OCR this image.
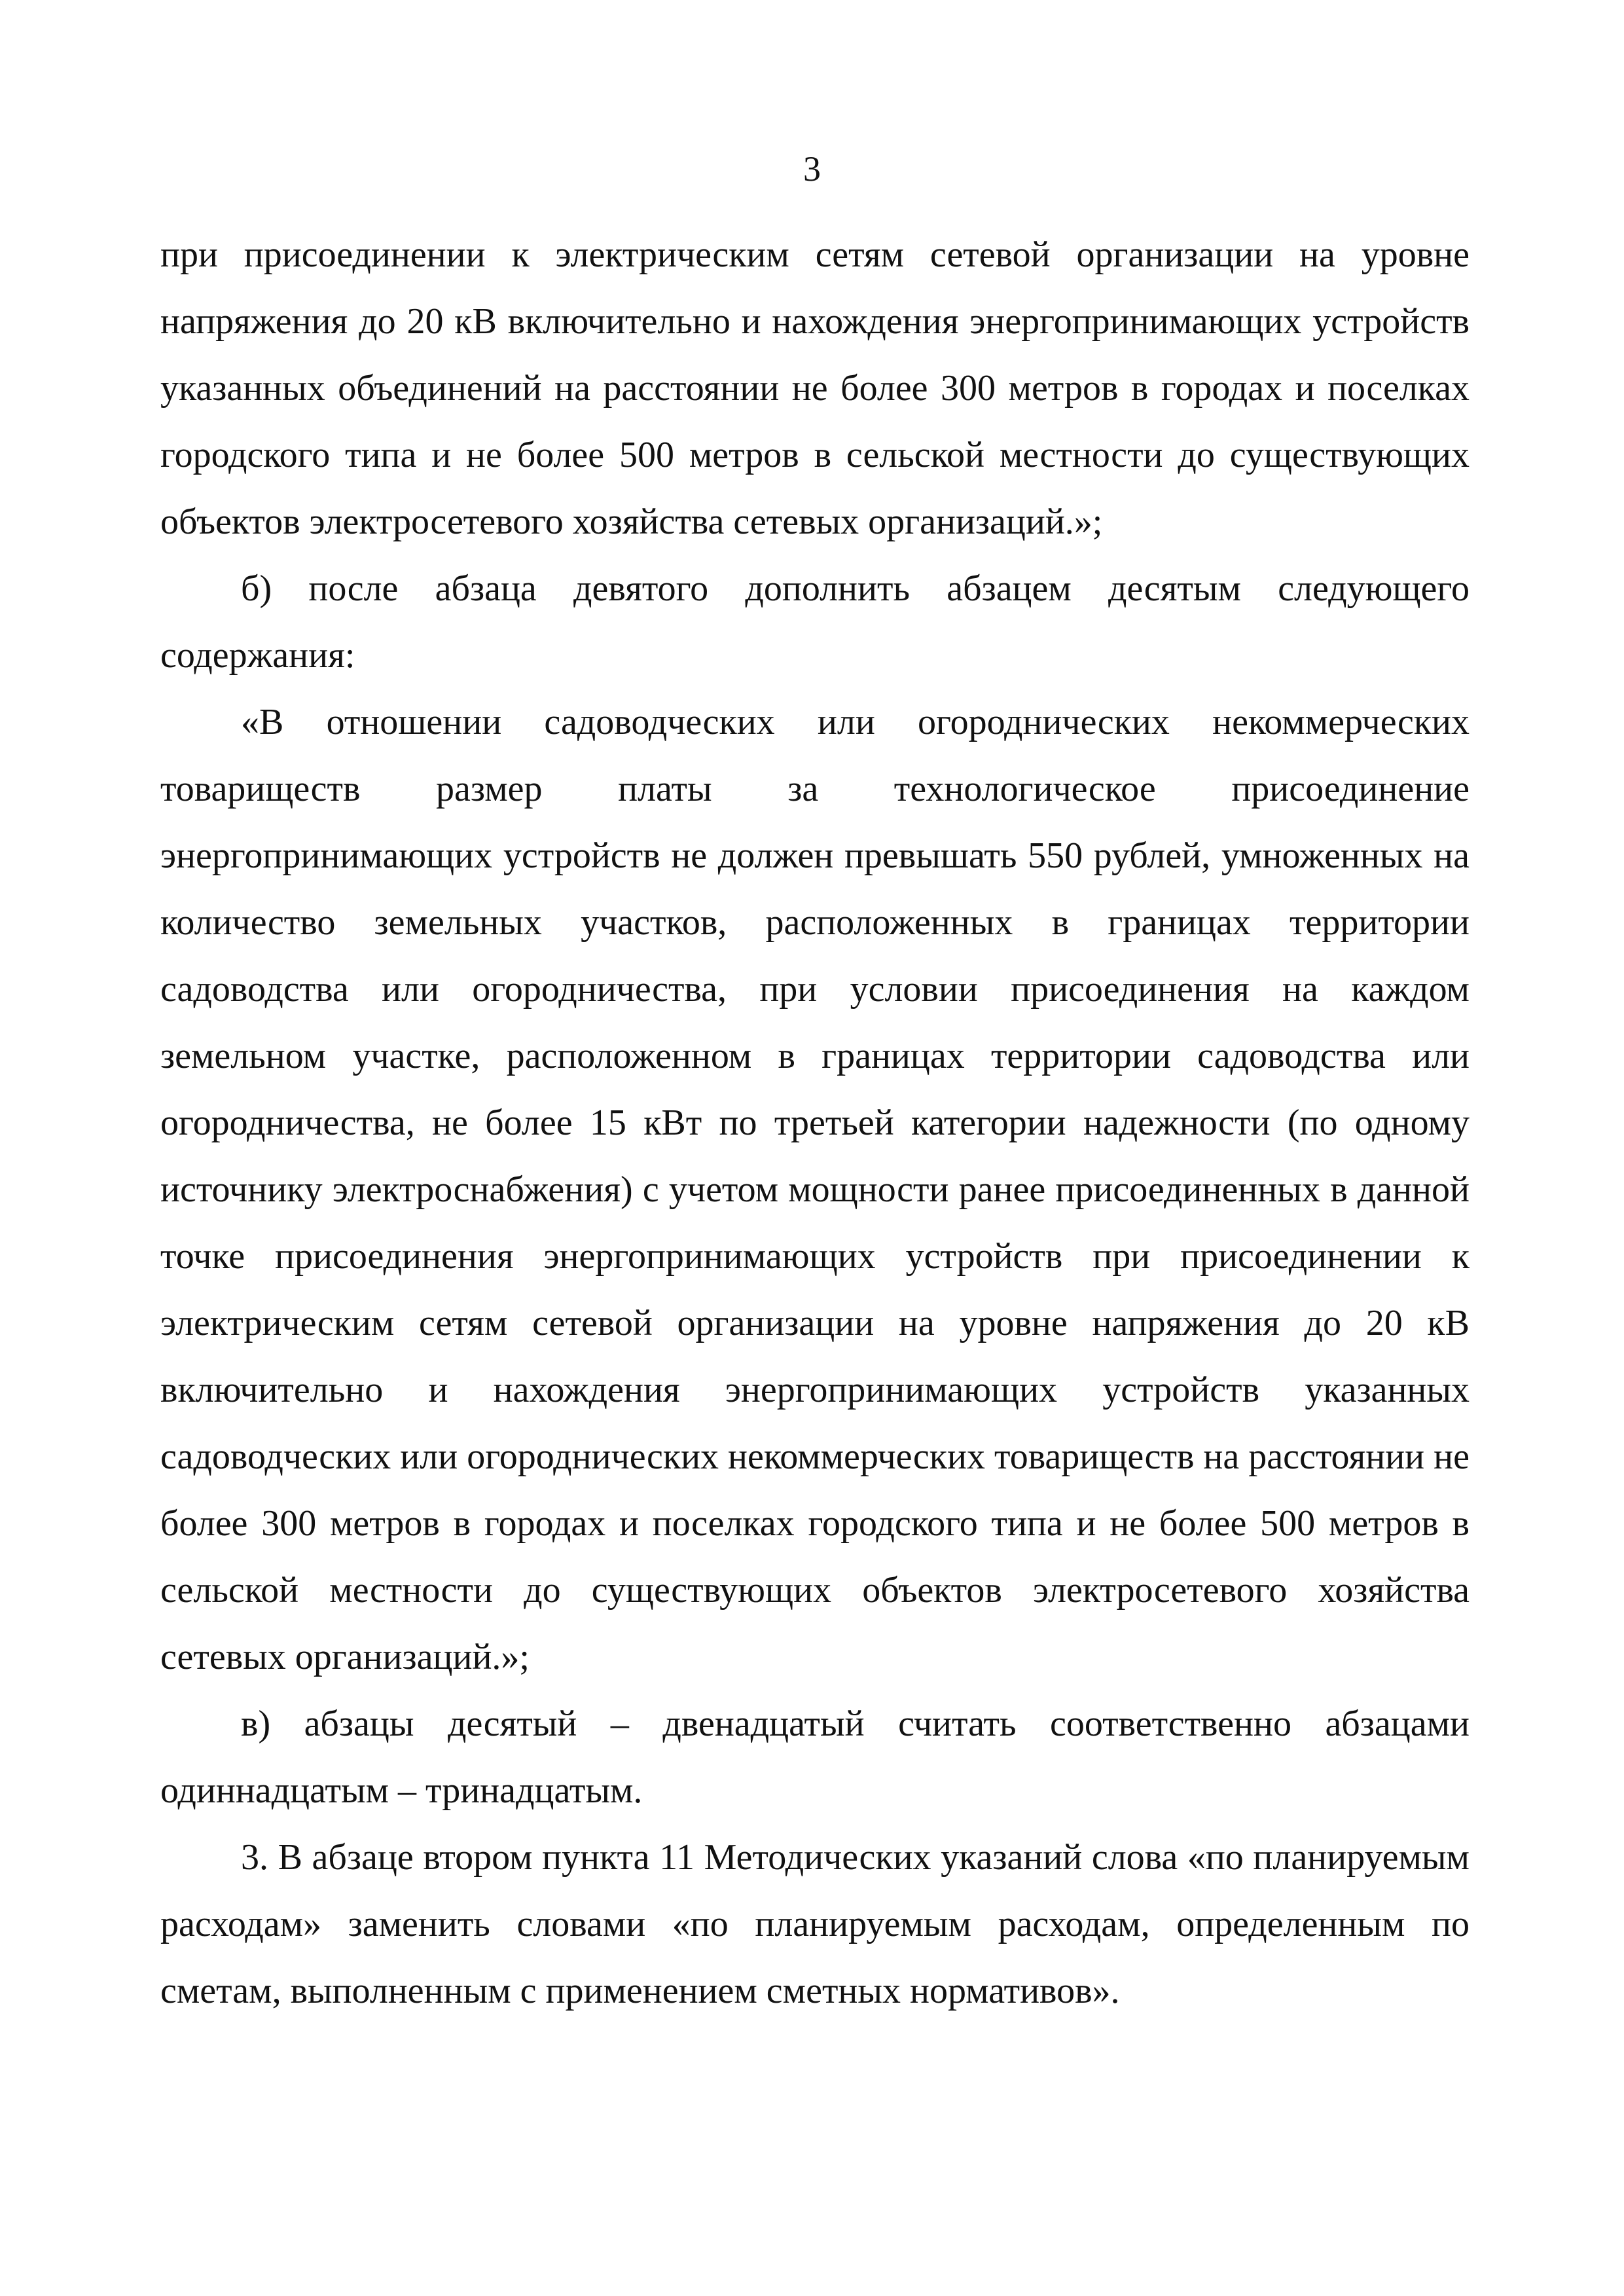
3

при присоединении к электрическим сетям сетевой организации на уровне напряжения до 20 кВ включительно и нахождения энергопринимающих устройств указанных объединений на расстоянии не более 300 метров в городах и поселках городского типа и не более 500 метров в сельской местности до существующих объектов электросетевого хозяйства сетевых организаций.»;

б) после абзаца девятого дополнить абзацем десятым следующего содержания:

«В отношении садоводческих или огороднических некоммерческих товариществ размер платы за технологическое присоединение энергопринимающих устройств не должен превышать 550 рублей, умноженных на количество земельных участков, расположенных в границах территории садоводства или огородничества, при условии присоединения на каждом земельном участке, расположенном в границах территории садоводства или огородничества, не более 15 кВт по третьей категории надежности (по одному источнику электроснабжения) с учетом мощности ранее присоединенных в данной точке присоединения энергопринимающих устройств при присоединении к электрическим сетям сетевой организации на уровне напряжения до 20 кВ включительно и нахождения энергопринимающих устройств указанных садоводческих или огороднических некоммерческих товариществ на расстоянии не более 300 метров в городах и поселках городского типа и не более 500 метров в сельской местности до существующих объектов электросетевого хозяйства сетевых организаций.»;

в) абзацы десятый – двенадцатый считать соответственно абзацами одиннадцатым – тринадцатым.

3. В абзаце втором пункта 11 Методических указаний слова «по планируемым расходам» заменить словами «по планируемым расходам, определенным по сметам, выполненным с применением сметных нормативов».
